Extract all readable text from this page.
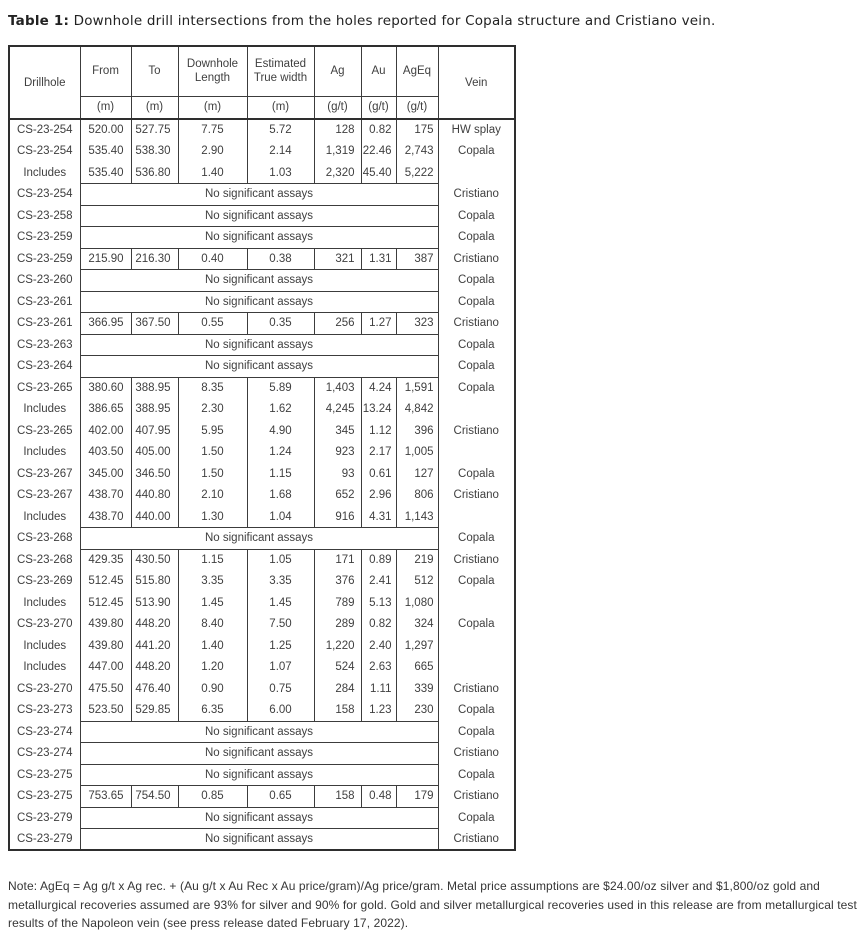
Table 1: Downhole drill intersections from the holes reported for Copala structure and Cristiano vein.
Drillhole	From	To	Downhole Length	Estimated True width	Ag	Au	AgEq	Vein
	(m)	(m)	(m)	(m)	(g/t)	(g/t)	(g/t)	
CS-23-254	520.00	527.75	7.75	5.72	128	0.82	175	HW splay
CS-23-254	535.40	538.30	2.90	2.14	1,319	22.46	2,743	Copala
Includes	535.40	536.80	1.40	1.03	2,320	45.40	5,222	
CS-23-254	No significant assays							Cristiano
CS-23-258	No significant assays							Copala
CS-23-259	No significant assays							Copala
CS-23-259	215.90	216.30	0.40	0.38	321	1.31	387	Cristiano
CS-23-260	No significant assays							Copala
CS-23-261	No significant assays							Copala
CS-23-261	366.95	367.50	0.55	0.35	256	1.27	323	Cristiano
CS-23-263	No significant assays							Copala
CS-23-264	No significant assays							Copala
CS-23-265	380.60	388.95	8.35	5.89	1,403	4.24	1,591	Copala
Includes	386.65	388.95	2.30	1.62	4,245	13.24	4,842	
CS-23-265	402.00	407.95	5.95	4.90	345	1.12	396	Cristiano
Includes	403.50	405.00	1.50	1.24	923	2.17	1,005	
CS-23-267	345.00	346.50	1.50	1.15	93	0.61	127	Copala
CS-23-267	438.70	440.80	2.10	1.68	652	2.96	806	Cristiano
Includes	438.70	440.00	1.30	1.04	916	4.31	1,143	
CS-23-268	No significant assays							Copala
CS-23-268	429.35	430.50	1.15	1.05	171	0.89	219	Cristiano
CS-23-269	512.45	515.80	3.35	3.35	376	2.41	512	Copala
Includes	512.45	513.90	1.45	1.45	789	5.13	1,080	
CS-23-270	439.80	448.20	8.40	7.50	289	0.82	324	Copala
Includes	439.80	441.20	1.40	1.25	1,220	2.40	1,297	
Includes	447.00	448.20	1.20	1.07	524	2.63	665	
CS-23-270	475.50	476.40	0.90	0.75	284	1.11	339	Cristiano
CS-23-273	523.50	529.85	6.35	6.00	158	1.23	230	Copala
CS-23-274	No significant assays							Copala
CS-23-274	No significant assays							Cristiano
CS-23-275	No significant assays							Copala
CS-23-275	753.65	754.50	0.85	0.65	158	0.48	179	Cristiano
CS-23-279	No significant assays							Copala
CS-23-279	No significant assays							Cristiano
Note: AgEq = Ag g/t x Ag rec. + (Au g/t x Au Rec x Au price/gram)/Ag price/gram. Metal price assumptions are $24.00/oz silver and $1,800/oz gold and metallurgical recoveries assumed are 93% for silver and 90% for gold. Gold and silver metallurgical recoveries used in this release are from metallurgical test results of the Napoleon vein (see press release dated February 17, 2022).
